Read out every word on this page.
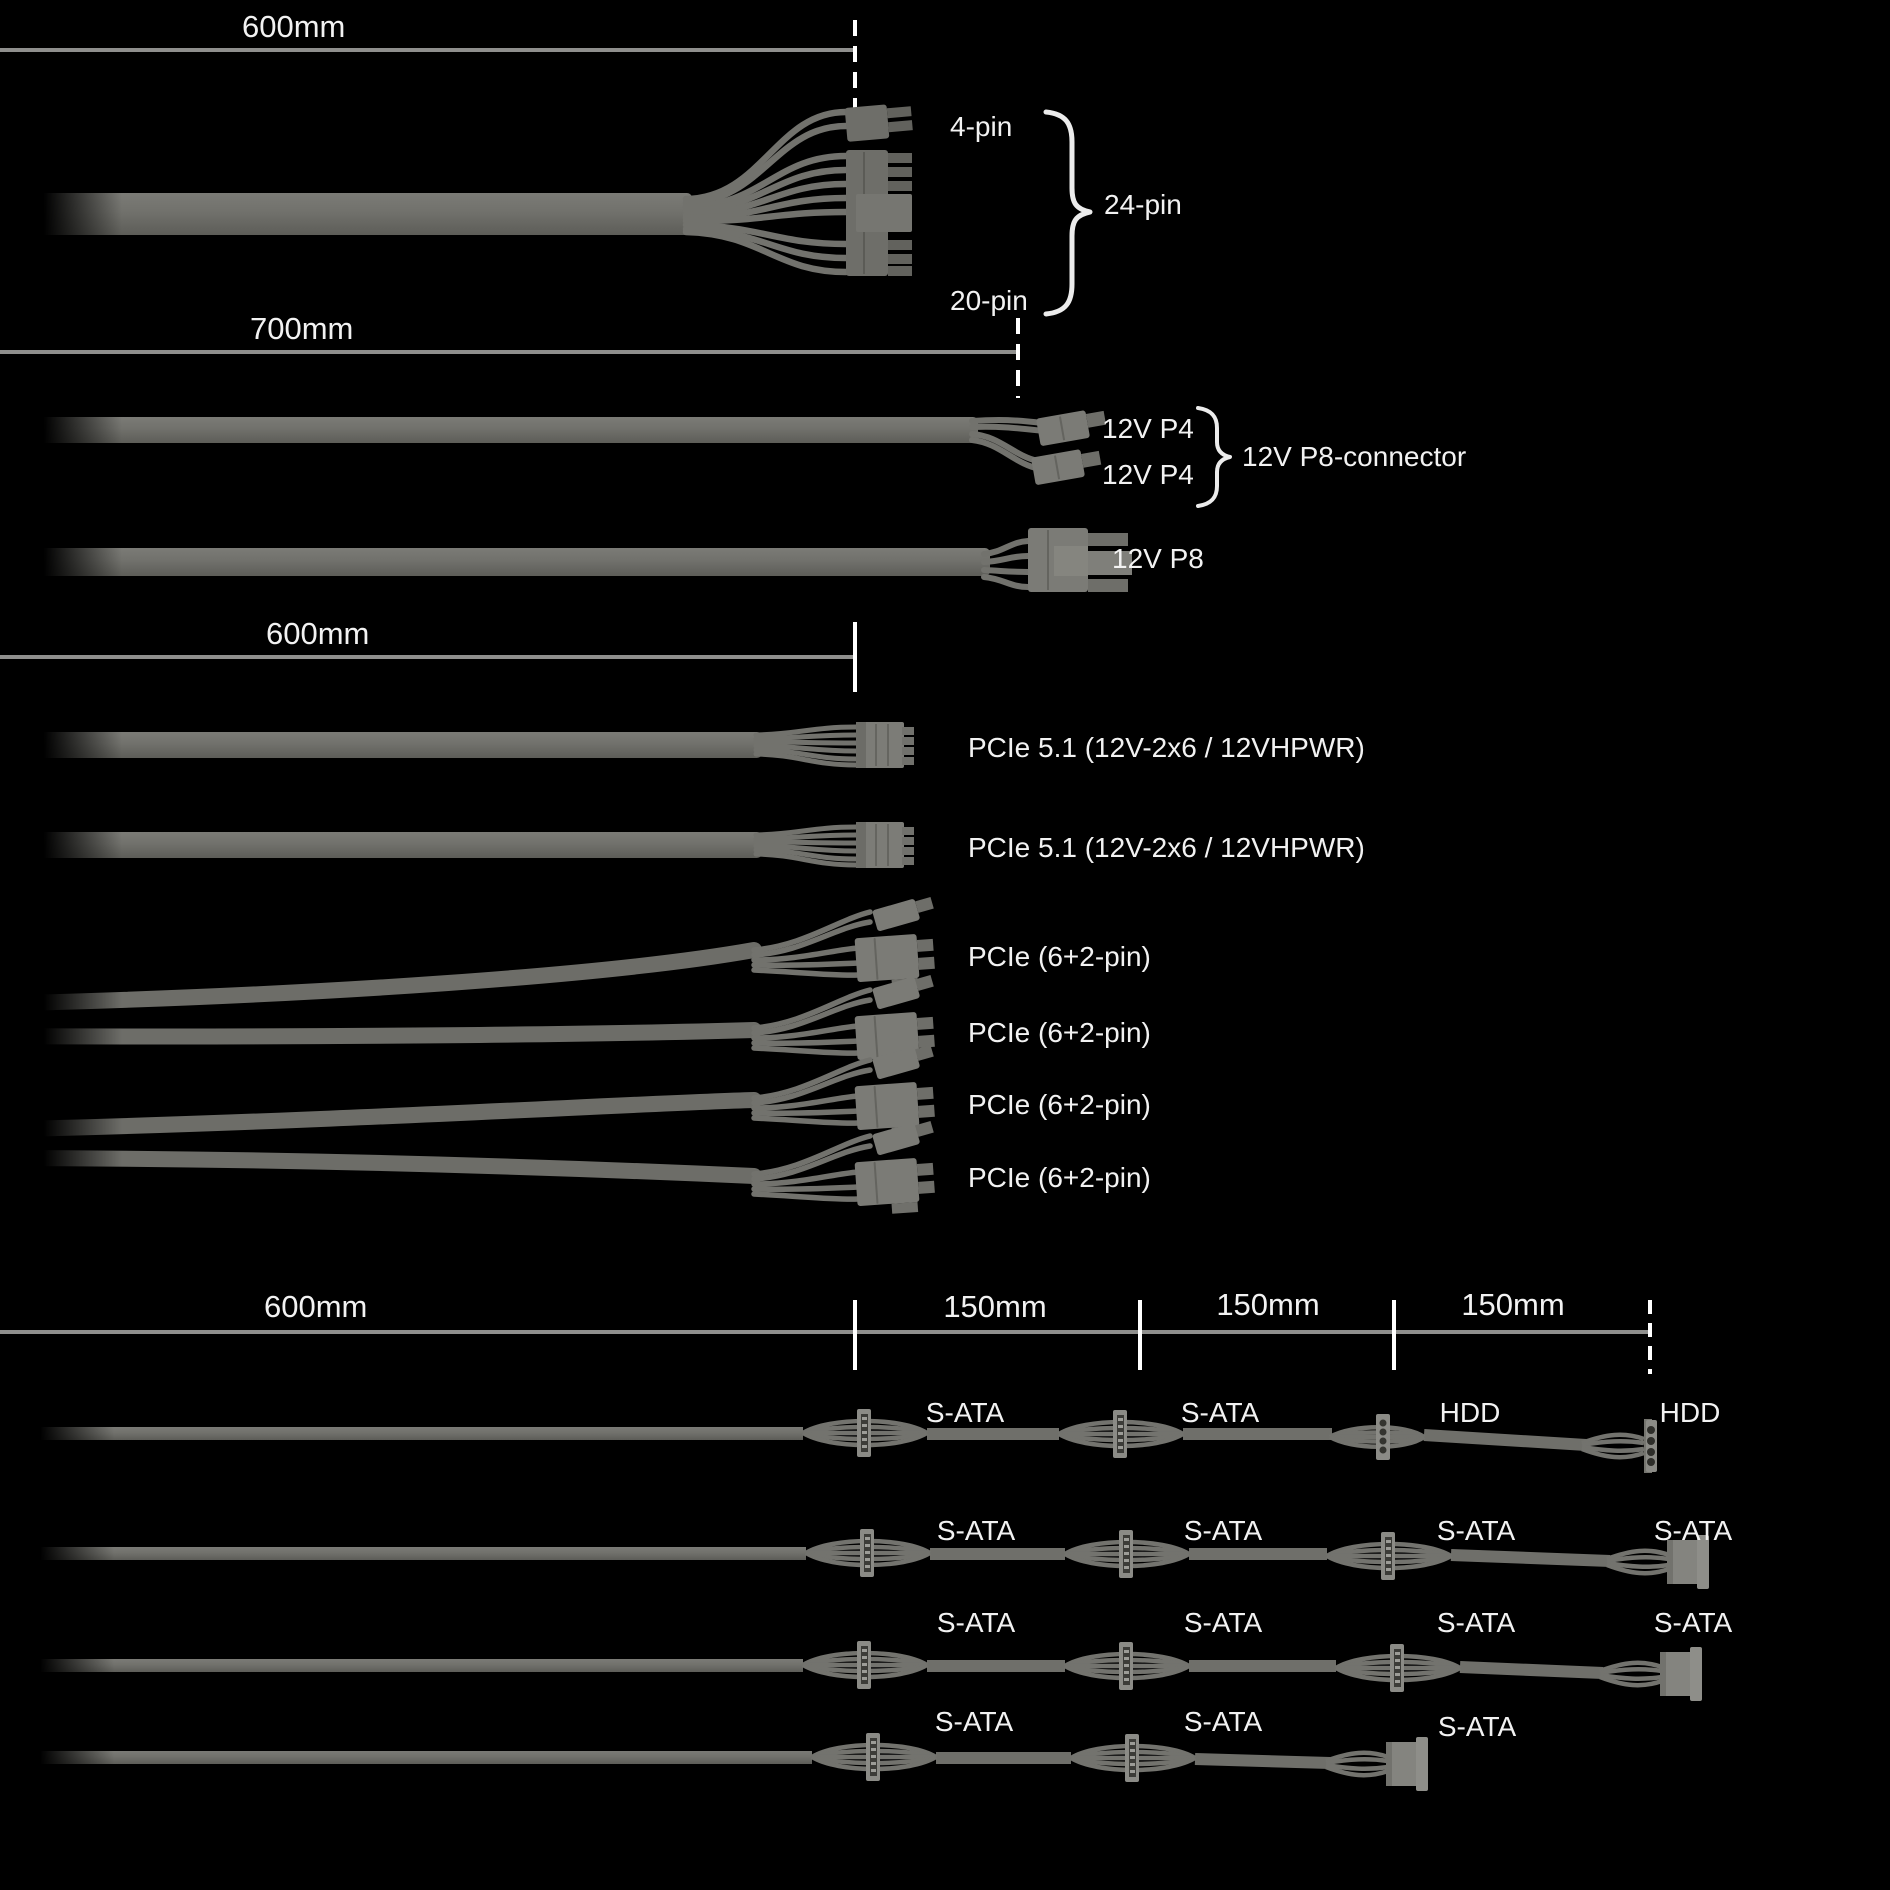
600mm
700mm
600mm
600mm	150mm	150mm	150mm
4-pin
24-pin
20-pin
12V P4
12V P4
12V P8-connector
12V P8
PCIe 5.1 (12V-2x6 / 12VHPWR)
PCIe 5.1 (12V-2x6 / 12VHPWR)
PCIe (6+2-pin)
PCIe (6+2-pin)
PCIe (6+2-pin)
PCIe (6+2-pin)
S-ATA	S-ATA	HDD	HDD
S-ATA	S-ATA	S-ATA	S-ATA
S-ATA	S-ATA	S-ATA	S-ATA
S-ATA	S-ATA	S-ATA
